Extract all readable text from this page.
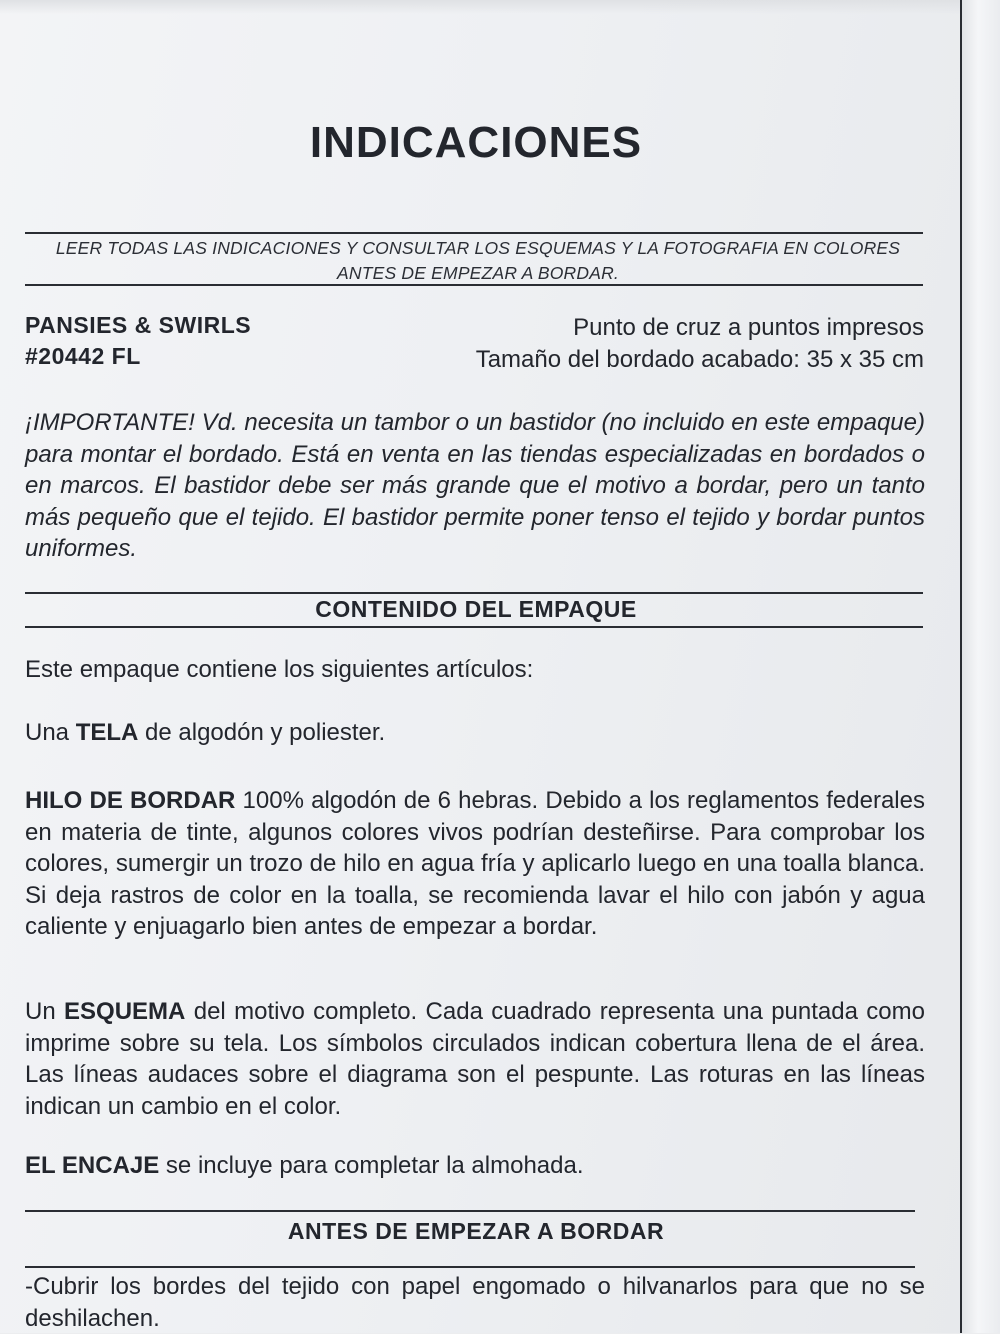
INDICACIONES
LEER TODAS LAS INDICACIONES Y CONSULTAR LOS ESQUEMAS Y LA FOTOGRAFIA EN COLORES
ANTES DE EMPEZAR A BORDAR.
PANSIES & SWIRLS
#20442 FL
Punto de cruz a puntos impresos
Tamaño del bordado acabado: 35 x 35 cm
¡IMPORTANTE! Vd. necesita un tambor o un bastidor (no incluido en este empaque) para montar el bordado. Está en venta en las tiendas especializadas en bordados o en marcos. El bastidor debe ser más grande que el motivo a bordar, pero un tanto más pequeño que el tejido. El bastidor permite poner tenso el tejido y bordar puntos uniformes.
CONTENIDO DEL EMPAQUE
Este empaque contiene los siguientes artículos:
Una TELA de algodón y poliester.
HILO DE BORDAR 100% algodón de 6 hebras. Debido a los reglamentos federales en materia de tinte, algunos colores vivos podrían desteñirse. Para comprobar los colores, sumergir un trozo de hilo en agua fría y aplicarlo luego en una toalla blanca. Si deja rastros de color en la toalla, se recomienda lavar el hilo con jabón y agua caliente y enjuagarlo bien antes de empezar a bordar.
Un ESQUEMA del motivo completo. Cada cuadrado representa una puntada como imprime sobre su tela. Los símbolos circulados indican cobertura llena de el área. Las líneas audaces sobre el diagrama son el pespunte. Las roturas en las líneas indican un cambio en el color.
EL ENCAJE se incluye para completar la almohada.
ANTES DE EMPEZAR A BORDAR
-Cubrir los bordes del tejido con papel engomado o hilvanarlos para que no se deshilachen.
